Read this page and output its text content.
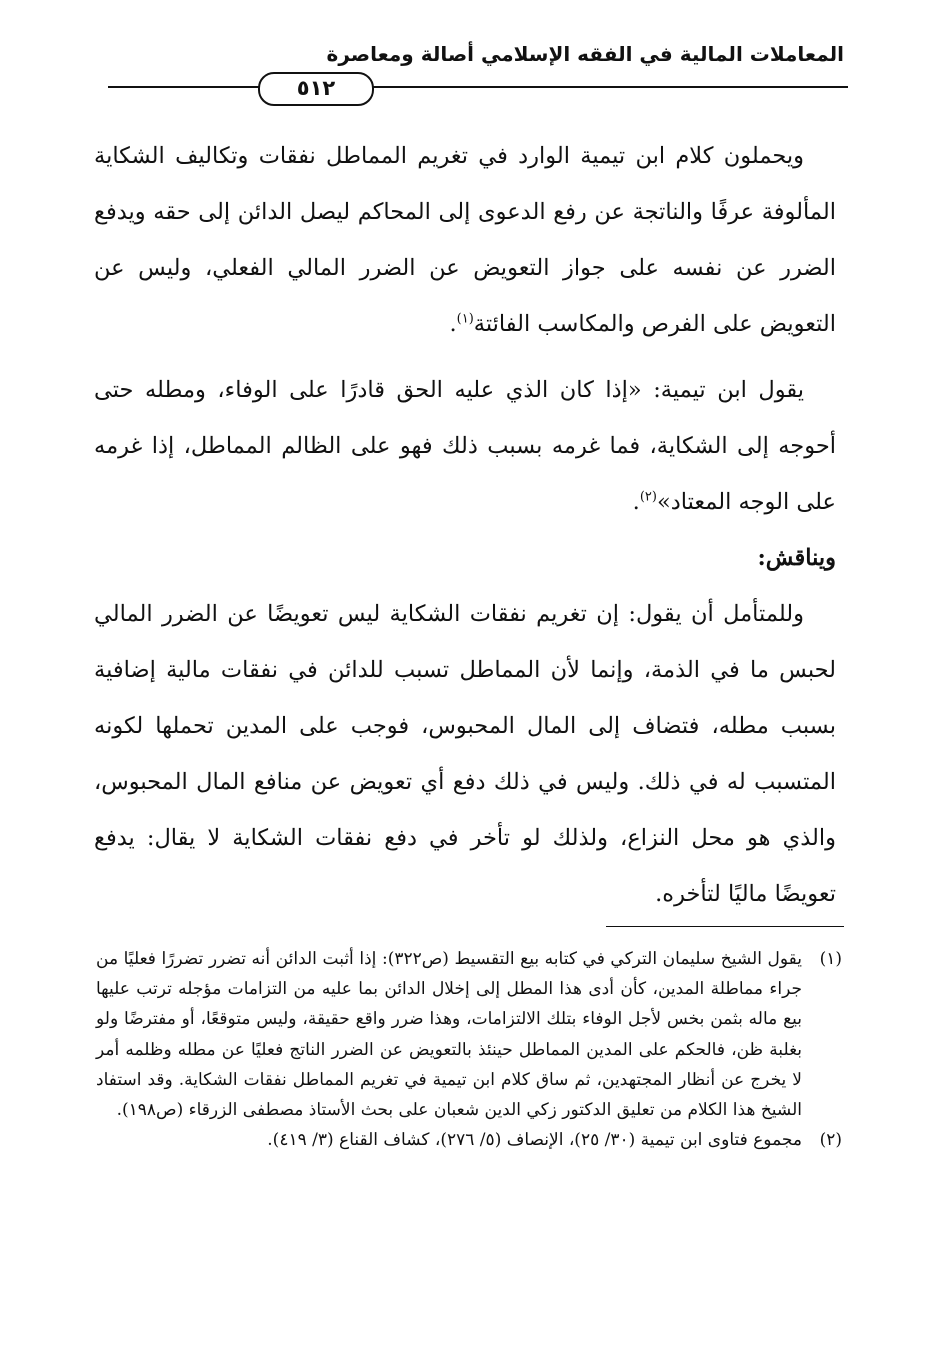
المعاملات المالية في الفقه الإسلامي أصالة ومعاصرة
٥١٢

ويحملون كلام ابن تيمية الوارد في تغريم المماطل نفقات وتكاليف الشكاية المألوفة عرفًا والناتجة عن رفع الدعوى إلى المحاكم ليصل الدائن إلى حقه ويدفع الضرر عن نفسه على جواز التعويض عن الضرر المالي الفعلي، وليس عن التعويض على الفرص والمكاسب الفائتة$^{(١)}$.

يقول ابن تيمية: «إذا كان الذي عليه الحق قادرًا على الوفاء، ومطله حتى أحوجه إلى الشكاية، فما غرمه بسبب ذلك فهو على الظالم المماطل، إذا غرمه على الوجه المعتاد»$^{(٢)}$.

ويناقش:

وللمتأمل أن يقول: إن تغريم نفقات الشكاية ليس تعويضًا عن الضرر المالي لحبس ما في الذمة، وإنما لأن المماطل تسبب للدائن في نفقات مالية إضافية بسبب مطله، فتضاف إلى المال المحبوس، فوجب على المدين تحملها لكونه المتسبب له في ذلك. وليس في ذلك دفع أي تعويض عن منافع المال المحبوس، والذي هو محل النزاع، ولذلك لو تأخر في دفع نفقات الشكاية لا يقال: يدفع تعويضًا ماليًا لتأخره.

(١)
يقول الشيخ سليمان التركي في كتابه بيع التقسيط (ص٣٢٢): إذا أثبت الدائن أنه تضرر تضررًا فعليًا من جراء مماطلة المدين، كأن أدى هذا المطل إلى إخلال الدائن بما عليه من التزامات مؤجله ترتب عليها بيع ماله بثمن بخس لأجل الوفاء بتلك الالتزامات، وهذا ضرر واقع حقيقة، وليس متوقعًا، أو مفترضًا ولو بغلبة ظن، فالحكم على المدين المماطل حينئذ بالتعويض عن الضرر الناتج فعليًا عن مطله وظلمه أمر لا يخرج عن أنظار المجتهدين، ثم ساق كلام ابن تيمية في تغريم المماطل نفقات الشكاية. وقد استفاد الشيخ هذا الكلام من تعليق الدكتور زكي الدين شعبان على بحث الأستاذ مصطفى الزرقاء (ص١٩٨).
(٢)
مجموع فتاوى ابن تيمية (٣٠/ ٢٥)، الإنصاف (٥/ ٢٧٦)، كشاف القناع (٣/ ٤١٩).
